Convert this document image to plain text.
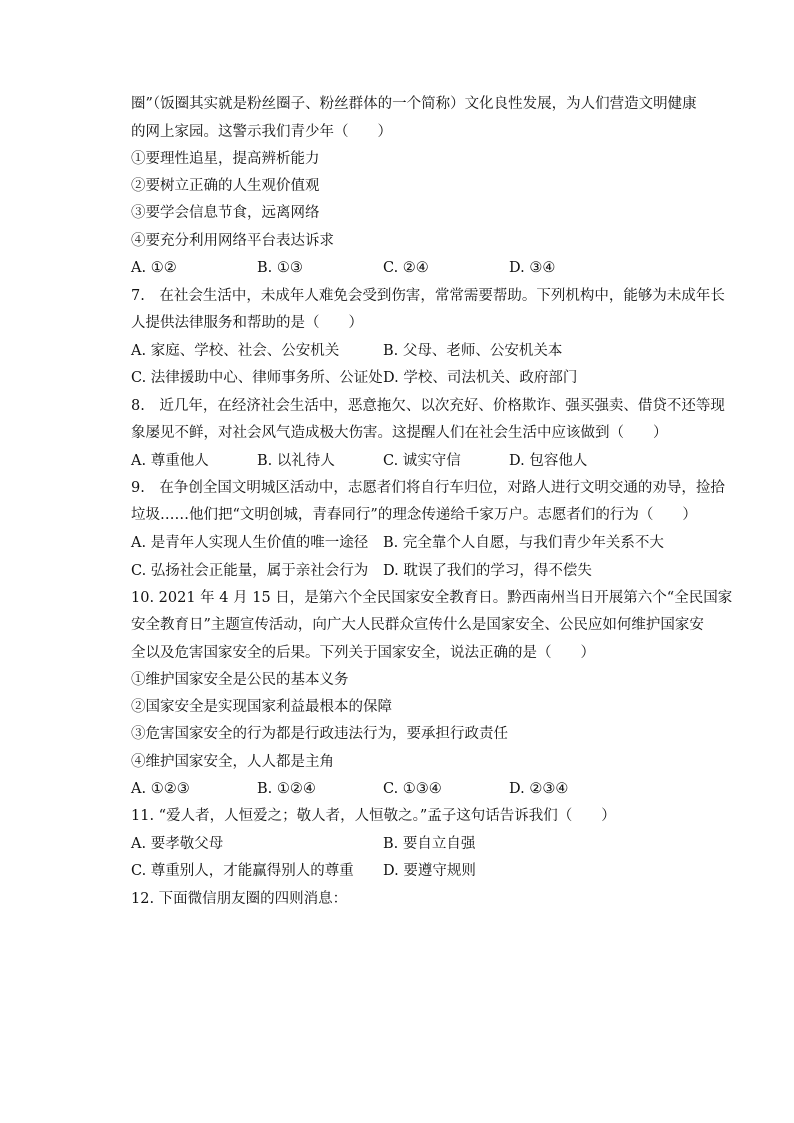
圈”（饭圈其实就是粉丝圈子、粉丝群体的一个简称）文化良性发展，为人们营造文明健康
的网上家园。这警示我们青少年（　　）
①要理性追星，提高辨析能力
②要树立正确的人生观价值观
③要学会信息节食，远离网络
④要充分利用网络平台表达诉求
A. ①②	B. ①③	C. ②④	D. ③④
7.　在社会生活中，未成年人难免会受到伤害，常常需要帮助。下列机构中，能够为未成年长
人提供法律服务和帮助的是（　　）
A. 家庭、学校、社会、公安机关	B. 父母、老师、公安机关本
C. 法律援助中心、律师事务所、公证处 D. 学校、司法机关、政府部门
8.　近几年，在经济社会生活中，恶意拖欠、以次充好、价格欺诈、强买强卖、借贷不还等现
象屡见不鲜，对社会风气造成极大伤害。这提醒人们在社会生活中应该做到（　　）
A. 尊重他人	B. 以礼待人	C. 诚实守信	D. 包容他人
9.　在争创全国文明城区活动中，志愿者们将自行车归位，对路人进行文明交通的劝导，捡拾
垃圾……他们把“文明创城，青春同行”的理念传递给千家万户。志愿者们的行为（　　）
A. 是青年人实现人生价值的唯一途径 B. 完全靠个人自愿，与我们青少年关系不大
C. 弘扬社会正能量，属于亲社会行为 D. 耽误了我们的学习，得不偿失
10. 2021 年 4 月 15 日，是第六个全民国家安全教育日。黔西南州当日开展第六个“全民国家
安全教育日”主题宣传活动，向广大人民群众宣传什么是国家安全、公民应如何维护国家安
全以及危害国家安全的后果。下列关于国家安全，说法正确的是（　　）
①维护国家安全是公民的基本义务
②国家安全是实现国家利益最根本的保障
③危害国家安全的行为都是行政违法行为，要承担行政责任
④维护国家安全，人人都是主角
A. ①②③	B. ①②④	C. ①③④	D. ②③④
11. “爱人者，人恒爱之；敬人者，人恒敬之。”孟子这句话告诉我们（　　）
A. 要孝敬父母	B. 要自立自强
C. 尊重别人，才能赢得别人的尊重 D. 要遵守规则
12. 下面微信朋友圈的四则消息：
